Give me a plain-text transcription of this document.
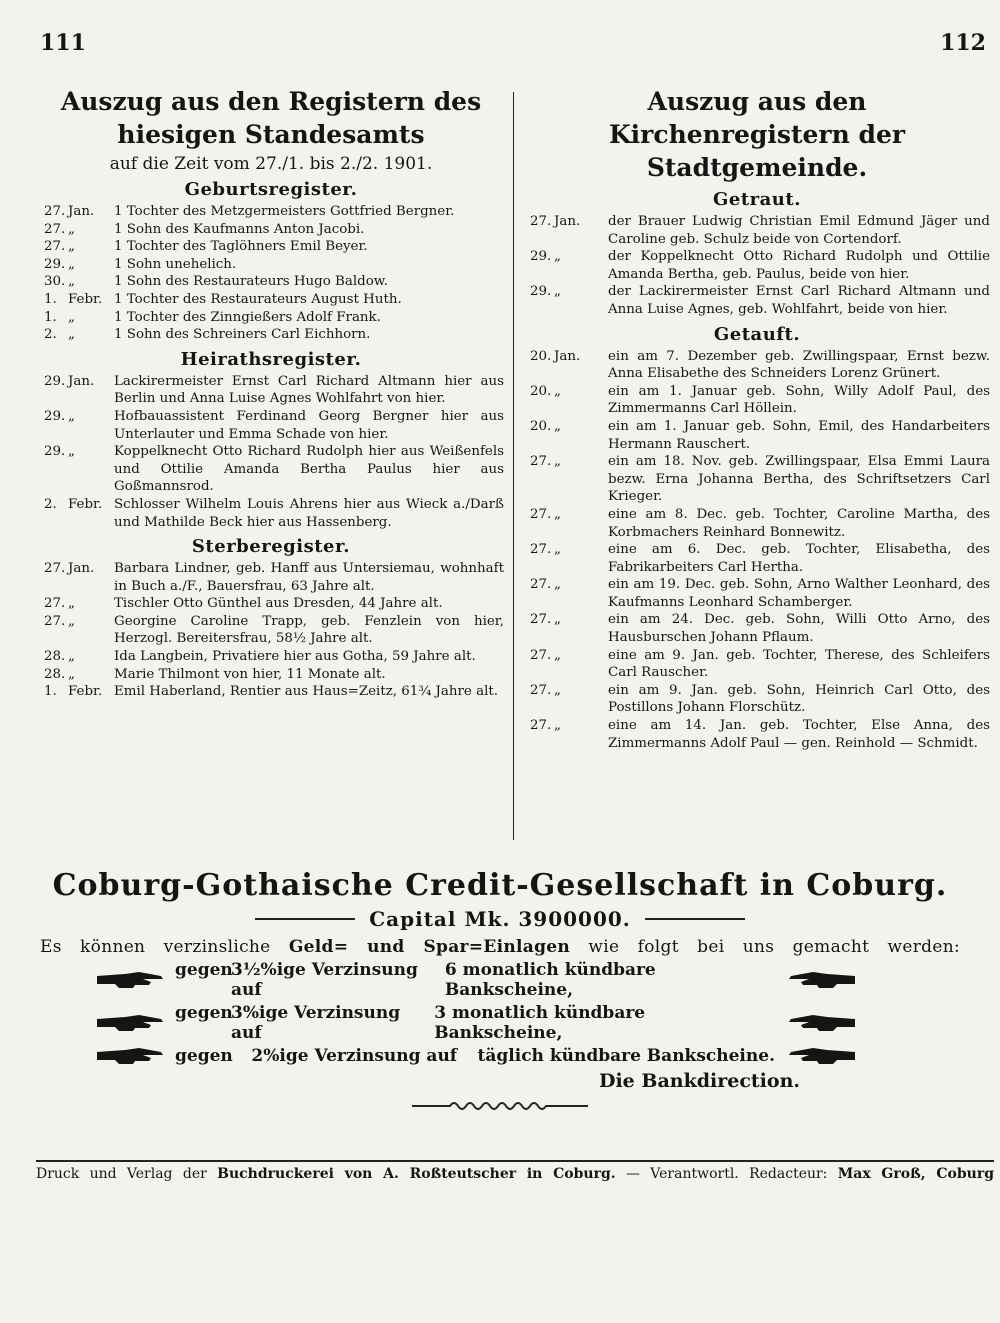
111	112
Auszug aus den Registern des hiesigen Standesamts
auf die Zeit vom 27./1. bis 2./2. 1901.
Geburtsregister.
27. Jan.	1 Tochter des Metzgermeisters Gottfried Bergner.
27. „	1 Sohn des Kaufmanns Anton Jacobi.
27. „	1 Tochter des Taglöhners Emil Beyer.
29. „	1 Sohn unehelich.
30. „	1 Sohn des Restaurateurs Hugo Baldow.
1. Febr. 1 Tochter des Restaurateurs August Huth.
1. „	1 Tochter des Zinngießers Adolf Frank.
2. „	1 Sohn des Schreiners Carl Eichhorn.
Heirathsregister.
29. Jan.	Lackirermeister Ernst Carl Richard Altmann hier aus Berlin und Anna Luise Agnes Wohlfahrt von hier.
29. „	Hofbauassistent Ferdinand Georg Bergner hier aus Unterlauter und Emma Schade von hier.
29. „	Koppelknecht Otto Richard Rudolph hier aus Weißenfels und Ottilie Amanda Bertha Paulus hier aus Goßmannsrod.
2. Febr. Schlosser Wilhelm Louis Ahrens hier aus Wieck a./Darß und Mathilde Beck hier aus Hassenberg.
Sterberegister.
27. Jan.	Barbara Lindner, geb. Hanff aus Untersiemau, wohnhaft in Buch a./F., Bauersfrau, 63 Jahre alt.
27. „	Tischler Otto Günthel aus Dresden, 44 Jahre alt.
27. „	Georgine Caroline Trapp, geb. Fenzlein von hier, Herzogl. Bereitersfrau, 58½ Jahre alt.
28. „	Ida Langbein, Privatiere hier aus Gotha, 59 Jahre alt.
28. „	Marie Thilmont von hier, 11 Monate alt.
1. Febr. Emil Haberland, Rentier aus Haus=Zeitz, 61¾ Jahre alt.
Auszug aus den Kirchenregistern der Stadtgemeinde.
Getraut.
27. Jan.	der Brauer Ludwig Christian Emil Edmund Jäger und Caroline geb. Schulz beide von Cortendorf.
29. „	der Koppelknecht Otto Richard Rudolph und Ottilie Amanda Bertha, geb. Paulus, beide von hier.
29. „	der Lackirermeister Ernst Carl Richard Altmann und Anna Luise Agnes, geb. Wohlfahrt, beide von hier.
Getauft.
20. Jan.	ein am 7. Dezember geb. Zwillingspaar, Ernst bezw. Anna Elisabethe des Schneiders Lorenz Grünert.
20. „	ein am 1. Januar geb. Sohn, Willy Adolf Paul, des Zimmermanns Carl Höllein.
20. „	ein am 1. Januar geb. Sohn, Emil, des Handarbeiters Hermann Rauschert.
27. „	ein am 18. Nov. geb. Zwillingspaar, Elsa Emmi Laura bezw. Erna Johanna Bertha, des Schriftsetzers Carl Krieger.
27. „	eine am 8. Dec. geb. Tochter, Caroline Martha, des Korbmachers Reinhard Bonnewitz.
27. „	eine am 6. Dec. geb. Tochter, Elisabetha, des Fabrikarbeiters Carl Hertha.
27. „	ein am 19. Dec. geb. Sohn, Arno Walther Leonhard, des Kaufmanns Leonhard Schamberger.
27. „	ein am 24. Dec. geb. Sohn, Willi Otto Arno, des Hausburschen Johann Pflaum.
27. „	eine am 9. Jan. geb. Tochter, Therese, des Schleifers Carl Rauscher.
27. „	ein am 9. Jan. geb. Sohn, Heinrich Carl Otto, des Postillons Johann Florschütz.
27. „	eine am 14. Jan. geb. Tochter, Else Anna, des Zimmermanns Adolf Paul — gen. Reinhold — Schmidt.
Coburg-Gothaische Credit-Gesellschaft in Coburg.
Capital Mk. 3900000.
Es können verzinsliche Geld= und Spar=Einlagen wie folgt bei uns gemacht werden:
gegen
3½%ige Verzinsung auf
6 monatlich kündbare Bankscheine,
gegen
3%ige Verzinsung auf
3 monatlich kündbare Bankscheine,
gegen 2%ige Verzinsung auf täglich kündbare Bankscheine.
Die Bankdirection.
Druck und Verlag der Buchdruckerei von A. Roßteutscher in Coburg. — Verantwortl. Redacteur: Max Groß, Coburg
